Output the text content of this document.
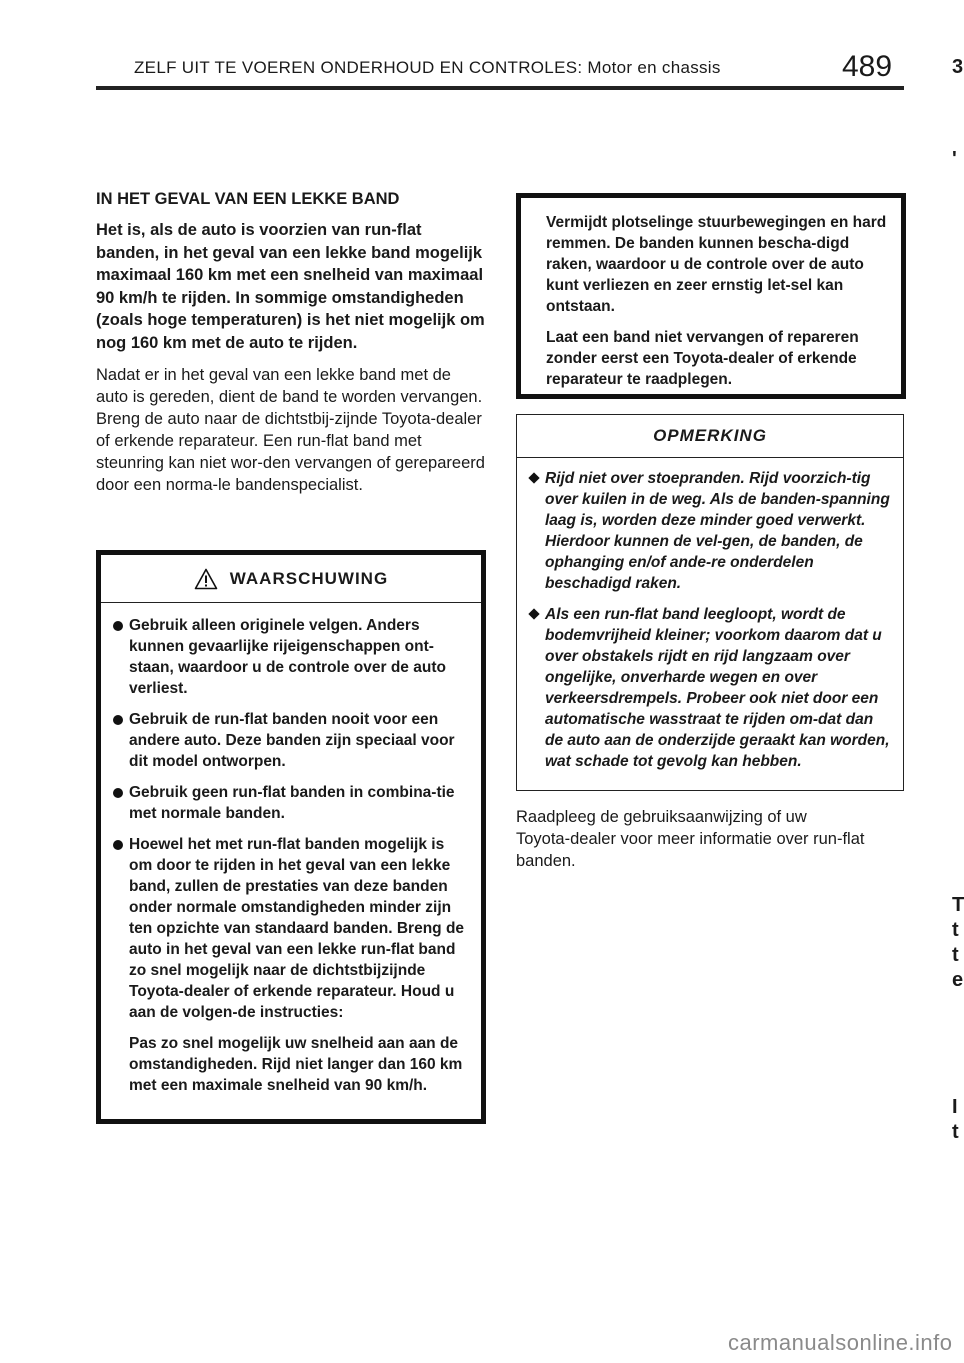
ZELF UIT TE VOEREN ONDERHOUD EN CONTROLES: Motor en chassis	489	3
'
T
t
t
e
I
t

IN HET GEVAL VAN EEN LEKKE BAND

Het is, als de auto is voorzien van run‑flat banden, in het geval van een lekke band mogelijk maximaal 160 km met een snelheid van maximaal 90 km/h te rijden. In sommige omstandigheden (zoals hoge temperaturen) is het niet mogelijk om nog 160 km met de auto te rijden.

Nadat er in het geval van een lekke band met de auto is gereden, dient de band te worden vervangen. Breng de auto naar de dichtstbij-zijnde Toyota‑dealer of erkende reparateur. Een run‑flat band met steunring kan niet wor-den vervangen of gerepareerd door een norma-le bandenspecialist.

WAARSCHUWING
Gebruik alleen originele velgen. Anders kunnen gevaarlijke rijeigenschappen ont-staan, waardoor u de controle over de auto verliest.
Gebruik de run‑flat banden nooit voor een andere auto. Deze banden zijn speciaal voor dit model ontworpen.
Gebruik geen run‑flat banden in combina-tie met normale banden.
Hoewel het met run‑flat banden mogelijk is om door te rijden in het geval van een lekke band, zullen de prestaties van deze banden onder normale omstandigheden minder zijn ten opzichte van standaard banden. Breng de auto in het geval van een lekke run‑flat band zo snel mogelijk naar de dichtstbijzijnde Toyota‑dealer of erkende reparateur. Houd u aan de volgen-de instructies:

Pas zo snel mogelijk uw snelheid aan aan de omstandigheden. Rijd niet langer dan 160 km met een maximale snelheid van 90 km/h.

Vermijdt plotselinge stuurbewegingen en hard remmen. De banden kunnen bescha-digd raken, waardoor u de controle over de auto kunt verliezen en zeer ernstig let-sel kan ontstaan.

Laat een band niet vervangen of repareren zonder eerst een Toyota‑dealer of erkende reparateur te raadplegen.

OPMERKING
Rijd niet over stoepranden. Rijd voorzich-tig over kuilen in de weg. Als de banden-spanning laag is, worden deze minder goed verwerkt. Hierdoor kunnen de vel-gen, de banden, de ophanging en/of ande-re onderdelen beschadigd raken.
Als een run‑flat band leegloopt, wordt de bodemvrijheid kleiner; voorkom daarom dat u over obstakels rijdt en rijd langzaam over ongelijke, onverharde wegen en over verkeersdrempels. Probeer ook niet door een automatische wasstraat te rijden om-dat dan de auto aan de onderzijde geraakt kan worden, wat schade tot gevolg kan hebben.

Raadpleeg de gebruiksaanwijzing of uw Toyota‑dealer voor meer informatie over run‑flat banden.

carmanualsonline.info
